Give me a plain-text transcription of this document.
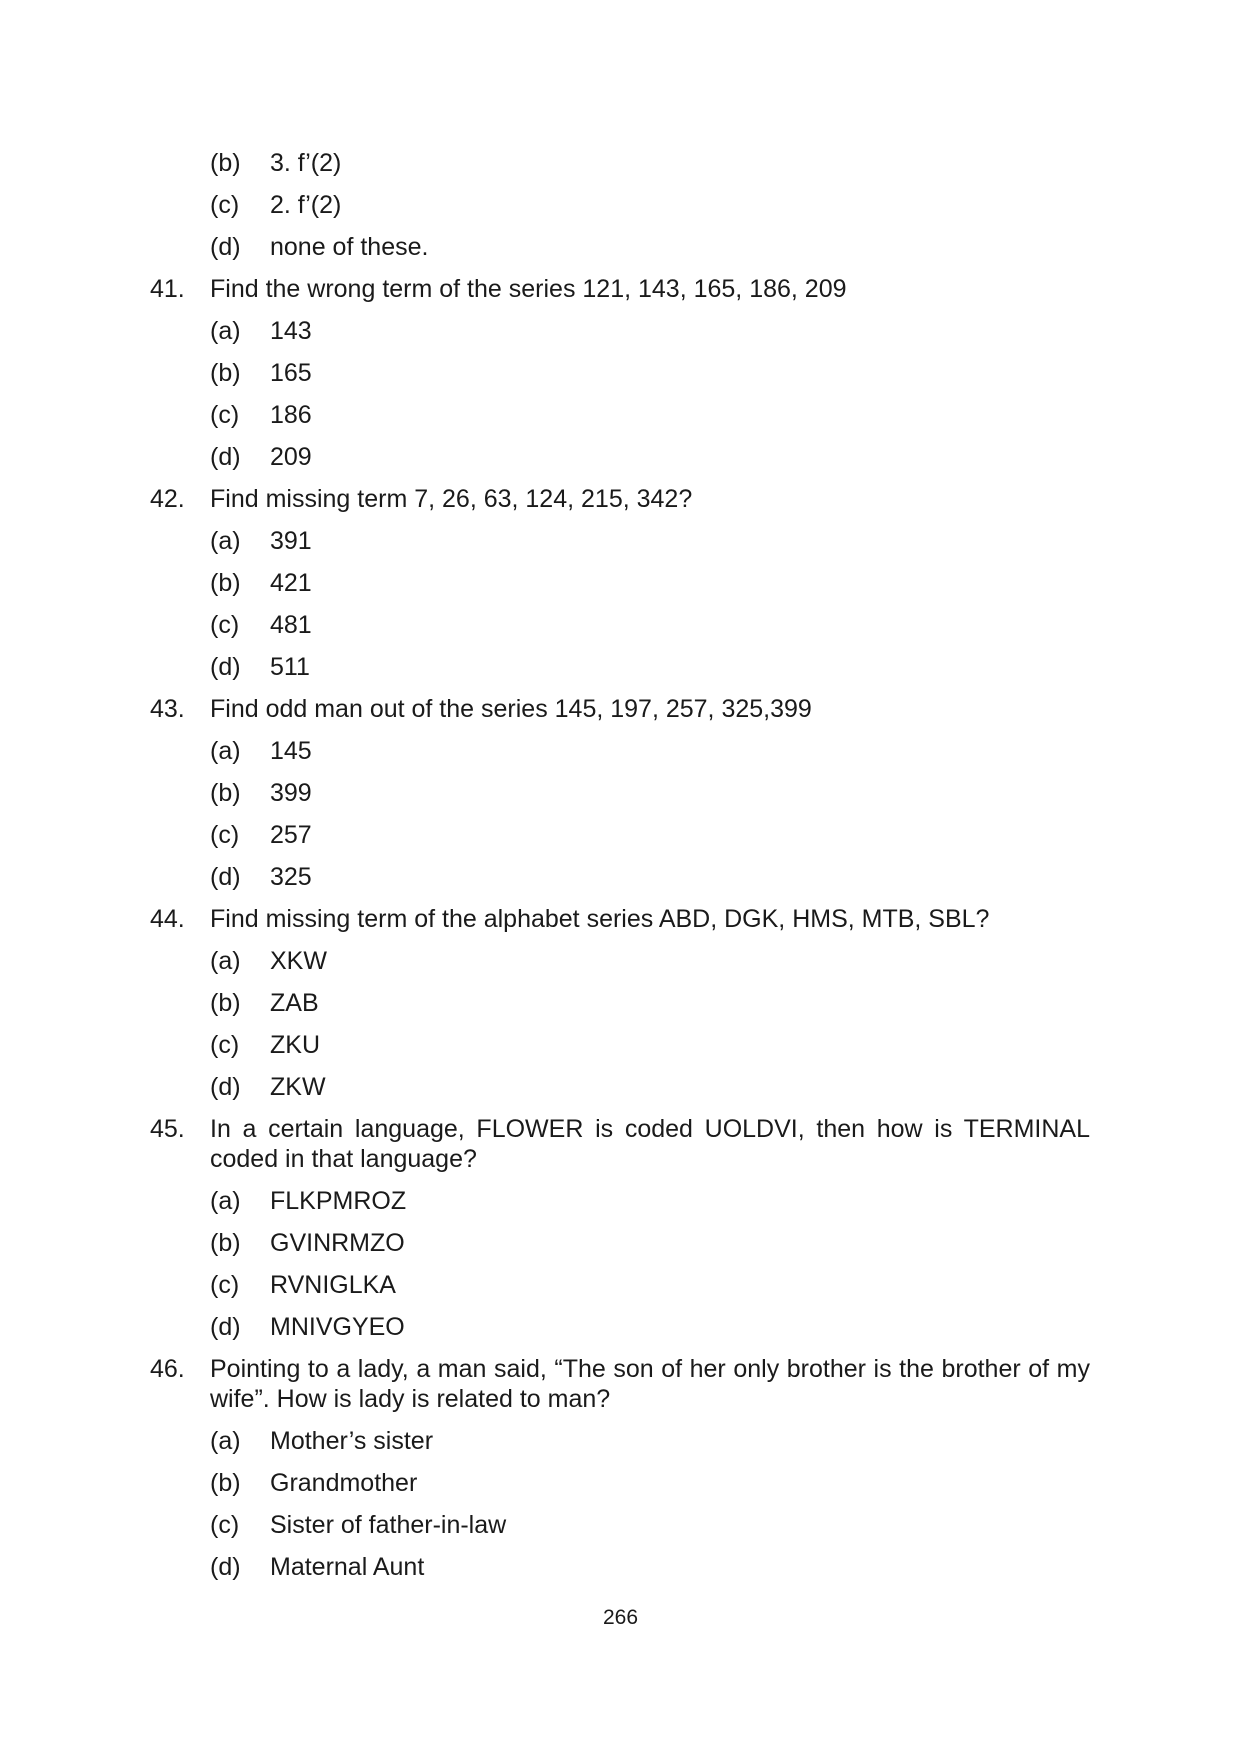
(b)	3. f’(2)
(c)	2. f’(2)
(d)	none of these.
41.	Find the wrong term of the series 121, 143, 165, 186, 209
(a)	143
(b)	165
(c)	186
(d)	209
42.	Find missing term 7, 26, 63, 124, 215, 342?
(a)	391
(b)	421
(c)	481
(d)	511
43.	Find odd man out of the series 145, 197, 257, 325,399
(a)	145
(b)	399
(c)	257
(d)	325
44.	Find missing term of the alphabet series ABD, DGK, HMS, MTB, SBL?
(a)	XKW
(b)	ZAB
(c)	ZKU
(d)	ZKW
45.	In a certain language, FLOWER is coded UOLDVI, then how is TERMINAL coded in that language?
(a)	FLKPMROZ
(b)	GVINRMZO
(c)	RVNIGLKA
(d)	MNIVGYEO
46.	Pointing to a lady, a man said, “The son of her only brother is the brother of my wife”. How is lady is related to man?
(a)	Mother’s sister
(b)	Grandmother
(c)	Sister of father-in-law
(d)	Maternal Aunt
266
